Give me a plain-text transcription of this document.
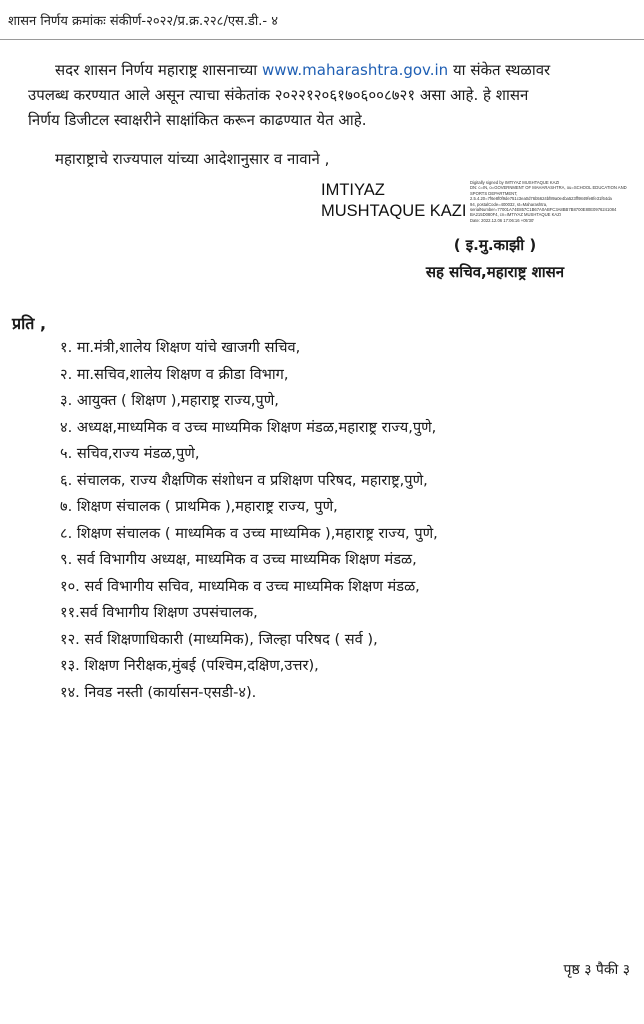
शासन निर्णय क्रमांकः संकीर्ण-२०२२/प्र.क्र.२२८/एस.डी.- ४

सदर शासन निर्णय महाराष्ट्र शासनाच्या www.maharashtra.gov.in या संकेत स्थळावर

उपलब्ध करण्यात आले असून त्याचा संकेतांक २०२२१२०६१७०६००८७२१ असा आहे. हे शासन

निर्णय डिजीटल स्वाक्षरीने साक्षांकित करून काढण्यात येत आहे.

महाराष्ट्राचे राज्यपाल यांच्या आदेशानुसार व नावाने ,
IMTIYAZ
MUSHTAQUE KAZI
Digitally signed by IMTIYAZ MUSHTAQUE KAZI
DN: c=IN, o=GOVERNMENT OF MAHARASHTRA, ou=SCHOOL EDUCATION AND
SPORTS DEPARTMENT,
2.5.4.20=7f6e8f0f9de751c3ea0d76b5624bf89a0e4ba523ff9849fe8fe31f64da
94, postalCode=400032, st=Maharashtra,
serialNumber=77001A74E857C1B67A0ABFC3A8BB7B8700E80E0976241084
BA215D080F4, cn=IMTIYAZ MUSHTAQUE KAZI
Date: 2022.12.06 17:06:16 +05'30'
( इ.मु.काझी )
सह सचिव,महाराष्ट्र शासन
प्रति ,
१. मा.मंत्री,शालेय शिक्षण यांचे खाजगी सचिव,
२. मा.सचिव,शालेय शिक्षण व क्रीडा विभाग,
३. आयुक्त ( शिक्षण ),महाराष्ट्र राज्य,पुणे,
४. अध्यक्ष,माध्यमिक व उच्च माध्यमिक शिक्षण मंडळ,महाराष्ट्र राज्य,पुणे,
५. सचिव,राज्य मंडळ,पुणे,
६. संचालक, राज्य शैक्षणिक संशोधन व प्रशिक्षण परिषद, महाराष्ट्र,पुणे,
७. शिक्षण संचालक ( प्राथमिक ),महाराष्ट्र राज्य, पुणे,
८. शिक्षण संचालक ( माध्यमिक व उच्च माध्यमिक ),महाराष्ट्र राज्य, पुणे,
९. सर्व विभागीय अध्यक्ष, माध्यमिक व उच्च माध्यमिक शिक्षण मंडळ,
१०. सर्व विभागीय सचिव, माध्यमिक व उच्च माध्यमिक शिक्षण मंडळ,
११.सर्व विभागीय शिक्षण उपसंचालक,
१२. सर्व शिक्षणाधिकारी (माध्यमिक), जिल्हा परिषद ( सर्व ),
१३. शिक्षण निरीक्षक,मुंबई (पश्चिम,दक्षिण,उत्तर),
१४. निवड नस्ती (कार्यासन-एसडी-४).
पृष्ठ ३ पैकी ३
